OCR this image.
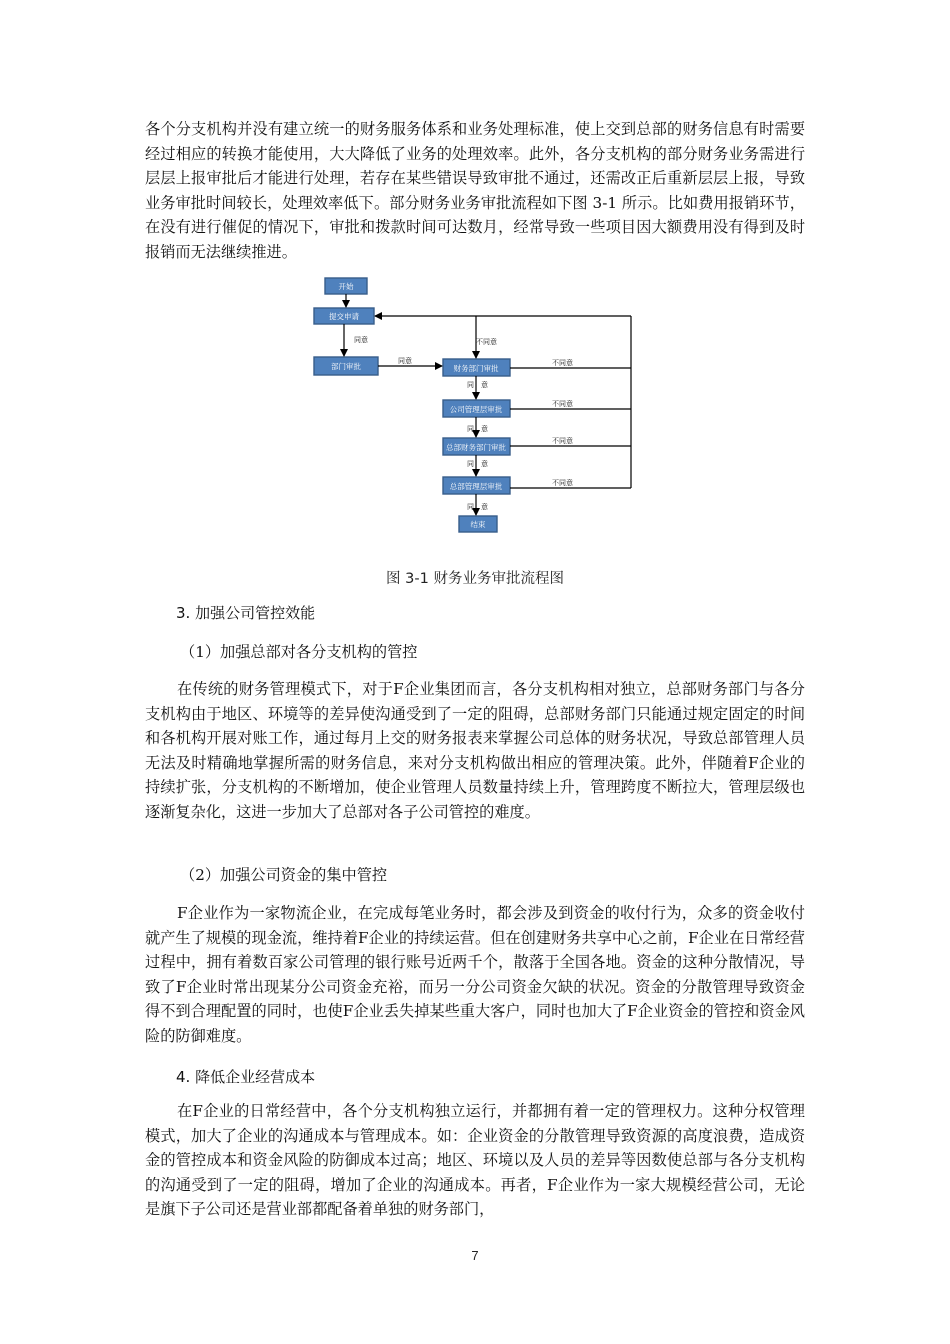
各个分支机构并没有建立统一的财务服务体系和业务处理标准，使上交到总部的财务信息有时需要经过相应的转换才能使用，大大降低了业务的处理效率。此外，各分支机构的部分财务业务需进行层层上报审批后才能进行处理，若存在某些错误导致审批不通过，还需改正后重新层层上报，导致业务审批时间较长，处理效率低下。部分财务业务审批流程如下图 3-1 所示。比如费用报销环节，在没有进行催促的情况下，审批和拨款时间可达数月，经常导致一些项目因大额费用没有得到及时报销而无法继续推进。

开始
提交申请
部门审批	财务部门审批
公司管理层审批
总部财务部门审批
总部管理层审批
结束
同意
同意
同　意
同　意
同　意
同　意
不同意
不同意
不同意
不同意
不同意

图 3-1 财务业务审批流程图

3. 加强公司管控效能

（1）加强总部对各分支机构的管控

在传统的财务管理模式下，对于F企业集团而言，各分支机构相对独立，总部财务部门与各分支机构由于地区、环境等的差异使沟通受到了一定的阻碍，总部财务部门只能通过规定固定的时间和各机构开展对账工作，通过每月上交的财务报表来掌握公司总体的财务状况，导致总部管理人员无法及时精确地掌握所需的财务信息，来对分支机构做出相应的管理决策。此外，伴随着F企业的持续扩张，分支机构的不断增加，使企业管理人员数量持续上升，管理跨度不断拉大，管理层级也逐渐复杂化，这进一步加大了总部对各子公司管控的难度。

（2）加强公司资金的集中管控

F企业作为一家物流企业，在完成每笔业务时，都会涉及到资金的收付行为，众多的资金收付就产生了规模的现金流，维持着F企业的持续运营。但在创建财务共享中心之前，F企业在日常经营过程中，拥有着数百家公司管理的银行账号近两千个，散落于全国各地。资金的这种分散情况，导致了F企业时常出现某分公司资金充裕，而另一分公司资金欠缺的状况。资金的分散管理导致资金得不到合理配置的同时，也使F企业丢失掉某些重大客户，同时也加大了F企业资金的管控和资金风险的防御难度。

4. 降低企业经营成本

在F企业的日常经营中，各个分支机构独立运行，并都拥有着一定的管理权力。这种分权管理模式，加大了企业的沟通成本与管理成本。如：企业资金的分散管理导致资源的高度浪费，造成资金的管控成本和资金风险的防御成本过高；地区、环境以及人员的差异等因数使总部与各分支机构的沟通受到了一定的阻碍，增加了企业的沟通成本。再者，F企业作为一家大规模经营公司，无论是旗下子公司还是营业部都配备着单独的财务部门，

7
